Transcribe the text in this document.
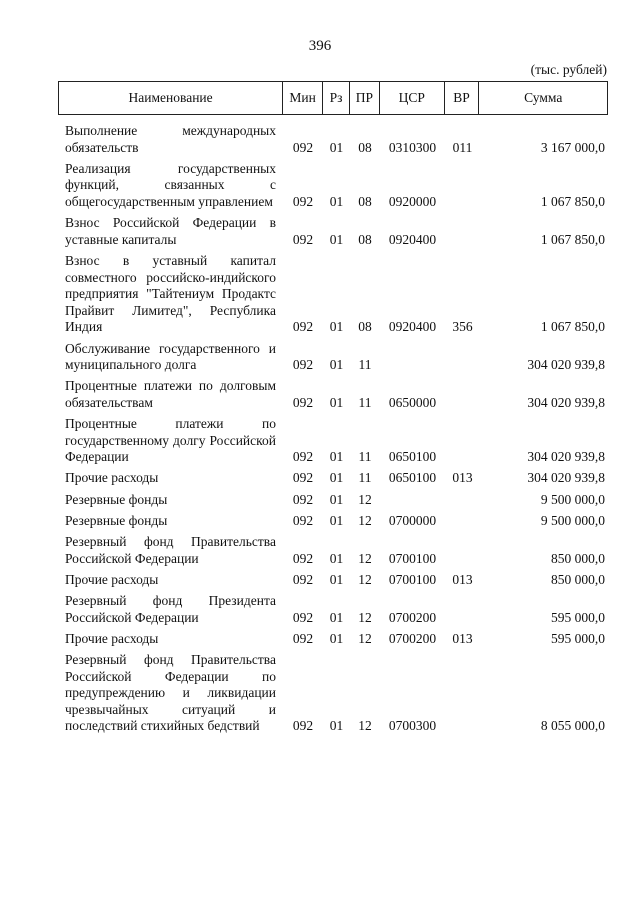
396
(тыс. рублей)
Наименование	Мин	Рз ПР	ЦСР	ВР	Сумма
Выполнение международных обязательств	092	01	08	0310300	011	3 167 000,0
Реализация государственных функций, связанных с общегосударственным управлением	092	01	08	0920000	1 067 850,0
Взнос Российской Федерации в уставные капиталы	092	01	08	0920400	1 067 850,0
Взнос в уставный капитал совместного российско-индийского предприятия "Тайтениум Продактс Прайвит Лимитед", Республика Индия	092	01	08	0920400	356	1 067 850,0
Обслуживание государственного и муниципального долга	092	01	11	304 020 939,8
Процентные платежи по долговым обязательствам	092	01	11	0650000	304 020 939,8
Процентные платежи по государственному долгу Российской Федерации	092	01	11	0650100	304 020 939,8
Прочие расходы	092	01	11	0650100	013	304 020 939,8
Резервные фонды	092	01	12	9 500 000,0
Резервные фонды	092	01	12	0700000	9 500 000,0
Резервный фонд Правительства Российской Федерации	092	01	12	0700100	850 000,0
Прочие расходы	092	01	12	0700100	013	850 000,0
Резервный фонд Президента Российской Федерации	092	01	12	0700200	595 000,0
Прочие расходы	092	01	12	0700200	013	595 000,0
Резервный фонд Правительства Российской Федерации по предупреждению и ликвидации чрезвычайных ситуаций и последствий стихийных бедствий	092	01	12	0700300	8 055 000,0
